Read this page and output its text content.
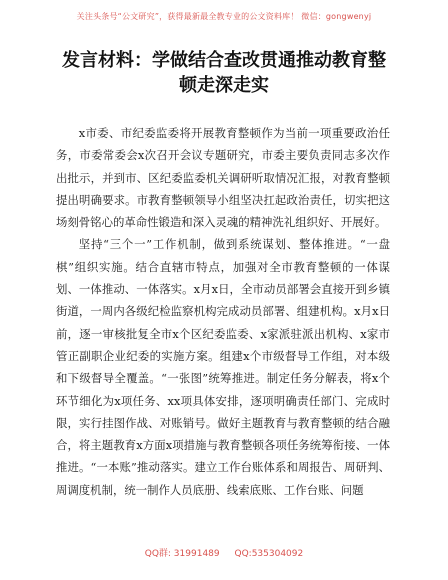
关注头条号“公文研究”，获得最新最全教专业的公文资料库！ 微信：gongwenyj
发言材料：学做结合查改贯通推动教育整顿走深走实

x市委、市纪委监委将开展教育整顿作为当前一项重要政治任务，市委常委会x次召开会议专题研究，市委主要负责同志多次作出批示，并到市、区纪委监委机关调研听取情况汇报，对教育整顿提出明确要求。市教育整顿领导小组坚决扛起政治责任，切实把这场刻骨铭心的革命性锻造和深入灵魂的精神洗礼组织好、开展好。

坚持“三个一”工作机制，做到系统谋划、整体推进。“一盘棋”组织实施。结合直辖市特点，加强对全市教育整顿的一体谋划、一体推动、一体落实。x月x日，全市动员部署会直接开到乡镇街道，一周内各级纪检监察机构完成动员部署、组建机构。x月x日前，逐一审核批复全市x个区纪委监委、x家派驻派出机构、x家市管正副职企业纪委的实施方案。组建x个市级督导工作组，对本级和下级督导全覆盖。“一张图”统筹推进。制定任务分解表，将x个环节细化为x项任务、xx项具体安排，逐项明确责任部门、完成时限，实行挂图作战、对账销号。做好主题教育与教育整顿的结合融合，将主题教育x方面x项措施与教育整顿各项任务统筹衔接、一体推进。“一本账”推动落实。建立工作台账体系和周报告、周研判、周调度机制，统一制作人员底册、线索底账、工作台账、问题

QQ群: 31991489 QQ:535304092
